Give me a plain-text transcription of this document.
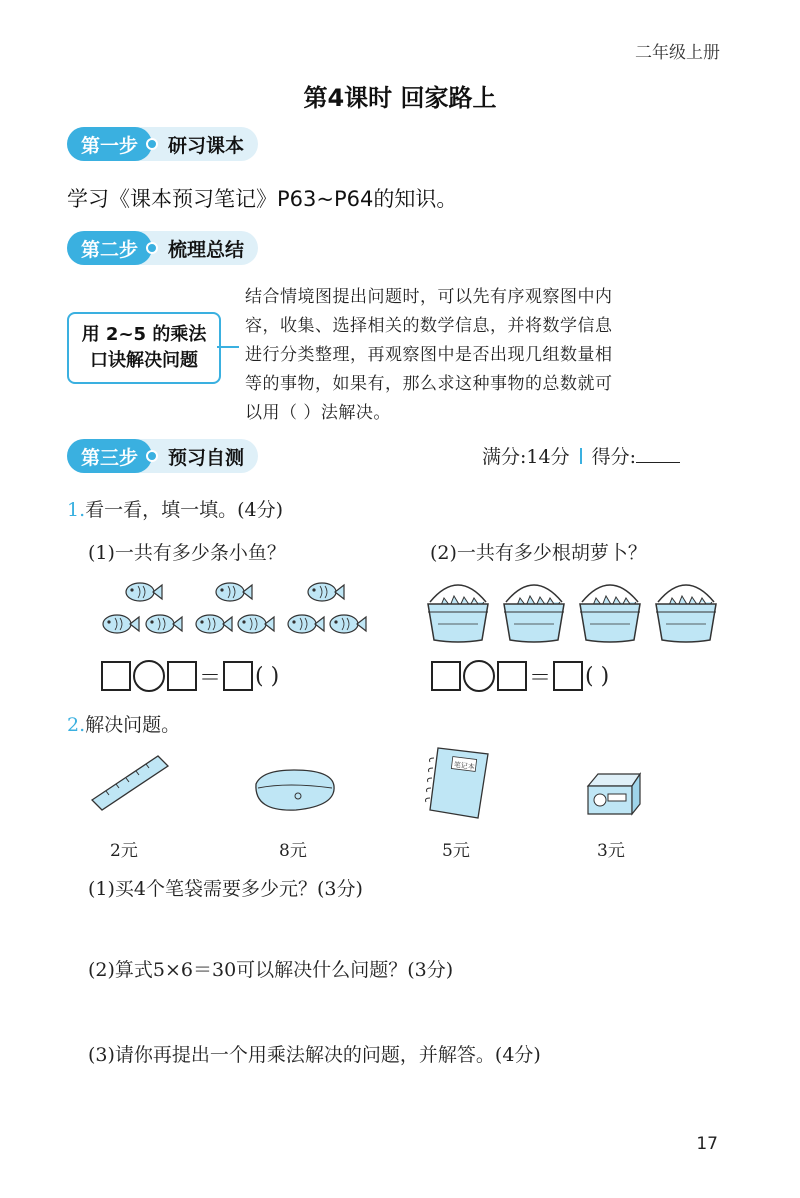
二年级上册
第4课时 回家路上
第一步	研习课本
学习《课本预习笔记》P63~P64的知识。
第二步	梳理总结
用 2~5 的乘法
口诀解决问题
结合情境图提出问题时，可以先有序观察图中内
容，收集、选择相关的数学信息，并将数学信息
进行分类整理，再观察图中是否出现几组数量相
等的事物，如果有，那么求这种事物的总数就可
以用（ ）法解决。
第三步	预习自测	满分:14分 得分:
1.看一看，填一填。(4分)
(1)一共有多少条小鱼？	(2)一共有多少根胡萝卜？
＝ ( )	＝ ( )
2.解决问题。
笔记本
2元	8元	5元	3元
(1)买4个笔袋需要多少元？(3分)
(2)算式5×6＝30可以解决什么问题？(3分)
(3)请你再提出一个用乘法解决的问题，并解答。(4分)
17
